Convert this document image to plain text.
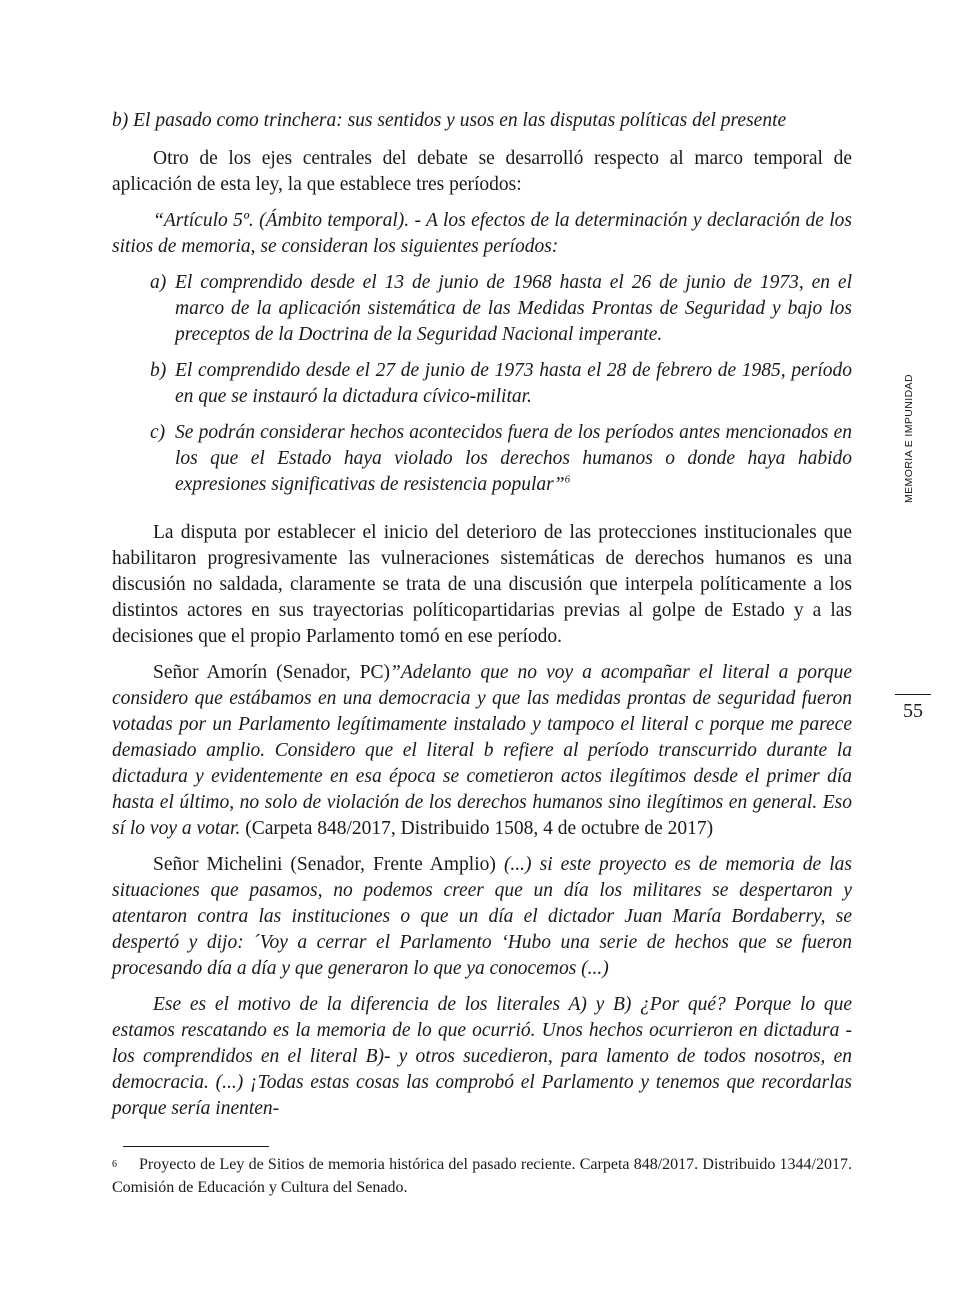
b) El pasado como trinchera: sus sentidos y usos en las disputas políticas del presente

Otro de los ejes centrales del debate se desarrolló respecto al marco temporal de aplicación de esta ley, la que establece tres períodos:

“Artículo 5º. (Ámbito temporal). - A los efectos de la determinación y declaración de los sitios de memoria, se consideran los siguientes períodos:

a) El comprendido desde el 13 de junio de 1968 hasta el 26 de junio de 1973, en el marco de la aplicación sistemática de las Medidas Prontas de Seguridad y bajo los preceptos de la Doctrina de la Seguridad Nacional imperante.
b) El comprendido desde el 27 de junio de 1973 hasta el 28 de febrero de 1985, período en que se instauró la dictadura cívico-militar.
c) Se podrán considerar hechos acontecidos fuera de los períodos antes mencionados en los que el Estado haya violado los derechos humanos o donde haya habido expresiones significativas de resistencia popular”$^6$

La disputa por establecer el inicio del deterioro de las protecciones institucionales que habilitaron progresivamente las vulneraciones sistemáticas de derechos humanos es una discusión no saldada, claramente se trata de una discusión que interpela políticamente a los distintos actores en sus trayectorias políticopartidarias previas al golpe de Estado y a las decisiones que el propio Parlamento tomó en ese período.

Señor Amorín (Senador, PC)”Adelanto que no voy a acompañar el literal a porque considero que estábamos en una democracia y que las medidas prontas de seguridad fueron votadas por un Parlamento legítimamente instalado y tampoco el literal c porque me parece demasiado amplio. Considero que el literal b refiere al período transcurrido durante la dictadura y evidentemente en esa época se cometieron actos ilegítimos desde el primer día hasta el último, no solo de violación de los derechos humanos sino ilegítimos en general. Eso sí lo voy a votar. (Carpeta 848/2017, Distribuido 1508, 4 de octubre de 2017)

Señor Michelini (Senador, Frente Amplio) (...) si este proyecto es de memoria de las situaciones que pasamos, no podemos creer que un día los militares se despertaron y atentaron contra las instituciones o que un día el dictador Juan María Bordaberry, se despertó y dijo: ´Voy a cerrar el Parlamento ‘Hubo una serie de hechos que se fueron procesando día a día y que generaron lo que ya conocemos (...)

Ese es el motivo de la diferencia de los literales A) y B) ¿Por qué? Porque lo que estamos rescatando es la memoria de lo que ocurrió. Unos hechos ocurrieron en dictadura -los comprendidos en el literal B)- y otros sucedieron, para lamento de todos nosotros, en democracia. (...) ¡Todas estas cosas las comprobó el Parlamento y tenemos que recordarlas porque sería inenten-

$^6$ Proyecto de Ley de Sitios de memoria histórica del pasado reciente. Carpeta 848/2017. Distribuido 1344/2017. Comisión de Educación y Cultura del Senado.

MEMORIA E IMPUNIDAD
55
